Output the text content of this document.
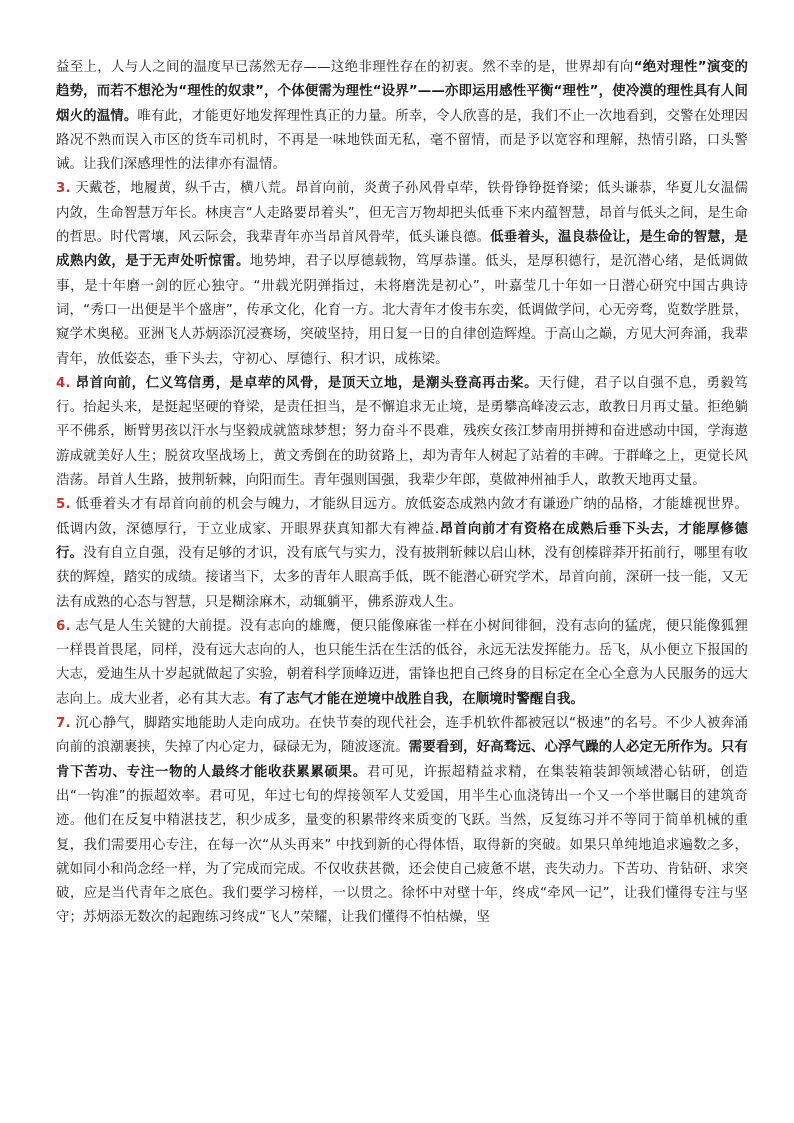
益至上，人与人之间的温度早已荡然无存——这绝非理性存在的初衷。然不幸的是，世界却有向“绝对理性”演变的趋势，而若不想沦为“理性的奴隶”，个体便需为理性“设界”——亦即运用感性平衡“理性”，使冷漠的理性具有人间烟火的温情。唯有此，才能更好地发挥理性真正的力量。所幸，令人欣喜的是，我们不止一次地看到，交警在处理因路况不熟而误入市区的货车司机时，不再是一味地铁面无私，毫不留情，而是予以宽容和理解，热情引路，口头警诫。让我们深感理性的法律亦有温情。

3. 天戴苍，地履黄，纵千古，横八荒。昂首向前，炎黄子孙风骨卓荦，铁骨铮铮挺脊梁；低头谦恭，华夏儿女温儒内敛，生命智慧万年长。林庚言“人走路要昂着头”，但无言万物却把头低垂下来内蕴智慧，昂首与低头之间，是生命的哲思。时代霄壤，风云际会，我辈青年亦当昂首风骨荦，低头谦良德。低垂着头，温良恭俭让，是生命的智慧，是成熟内敛，是于无声处听惊雷。地势坤，君子以厚德载物，笃厚恭谨。低头，是厚积德行，是沉潜心绪，是低调做事，是十年磨一剑的匠心独守。“卅载光阴弹指过，未将磨洗是初心”，叶嘉莹几十年如一日潜心研究中国古典诗词，“秀口一出便是半个盛唐”，传承文化，化育一方。北大青年才俊韦东奕，低调做学问，心无旁骛，览数学胜景，窥学术奥秘。亚洲飞人苏炳添沉浸赛场，突破坚持，用日复一日的自律创造辉煌。于高山之巅，方见大河奔涌，我辈青年，放低姿态，垂下头去，守初心、厚德行、积才识，成栋梁。

4. 昂首向前，仁义笃信勇，是卓荦的风骨，是顶天立地，是潮头登高再击桨。天行健，君子以自强不息，勇毅笃行。抬起头来，是挺起坚硬的脊梁，是责任担当，是不懈追求无止境，是勇攀高峰凌云志，敢教日月再丈量。拒绝躺平不佛系，断臂男孩以汗水与坚毅成就篮球梦想；努力奋斗不畏难，残疾女孩江梦南用拼搏和奋进感动中国，学海遨游成就美好人生；脱贫攻坚战场上，黄文秀倒在的助贫路上，却为青年人树起了站着的丰碑。于群峰之上，更觉长风浩荡。昂首人生路，披荆斩棘，向阳而生。青年强则国强，我辈少年郎，莫做神州袖手人，敢教天地再丈量。

5. 低垂着头才有昂首向前的机会与魄力，才能纵目远方。放低姿态成熟内敛才有谦逊广纳的品格，才能雄视世界。低调内敛，深德厚行，于立业成家、开眼界获真知都大有裨益.昂首向前才有资格在成熟后垂下头去，才能厚修德行。没有自立自强，没有足够的才识，没有底气与实力，没有披荆斩棘以启山林，没有创榛辟莽开拓前行，哪里有收获的辉煌，踏实的成绩。接诸当下，太多的青年人眼高手低，既不能潜心研究学术，昂首向前，深研一技一能，又无法有成熟的心态与智慧，只是糊涂麻木，动辄躺平，佛系游戏人生。

6. 志气是人生关键的大前提。没有志向的雄鹰，便只能像麻雀一样在小树间徘徊，没有志向的猛虎，便只能像狐狸一样畏首畏尾，同样，没有远大志向的人，也只能生活在生活的低谷，永远无法发挥能力。岳飞，从小便立下报国的大志，爱迪生从十岁起就做起了实验，朝着科学顶峰迈进，雷锋也把自己终身的目标定在全心全意为人民服务的远大志向上。成大业者，必有其大志。有了志气才能在逆境中战胜自我，在顺境时警醒自我。

7. 沉心静气，脚踏实地能助人走向成功。在快节奏的现代社会，连手机软件都被冠以“极速”的名号。不少人被奔涌向前的浪潮裹挟，失掉了内心定力，碌碌无为，随波逐流。需要看到，好高骛远、心浮气躁的人必定无所作为。只有肯下苦功、专注一物的人最终才能收获累累硕果。君可见，许振超精益求精，在集装箱装卸领域潜心钻研，创造出“一钩准”的振超效率。君可见，年过七旬的焊接领军人艾爱国，用半生心血浇铸出一个又一个举世瞩目的建筑奇迹。他们在反复中精湛技艺，积少成多，量变的积累带终来质变的飞跃。当然，反复练习并不等同于简单机械的重复，我们需要用心专注，在每一次“从头再来” 中找到新的心得体悟，取得新的突破。如果只单纯地追求遍数之多，就如同小和尚念经一样，为了完成而完成。不仅收获甚微，还会使自己疲惫不堪，丧失动力。下苦功、肯钻研、求突破，应是当代青年之底色。我们要学习榜样，一以贯之。徐怀中对壁十年，终成“牵风一记”，让我们懂得专注与坚守；苏炳添无数次的起跑练习终成“飞人”荣耀，让我们懂得不怕枯燥，坚
